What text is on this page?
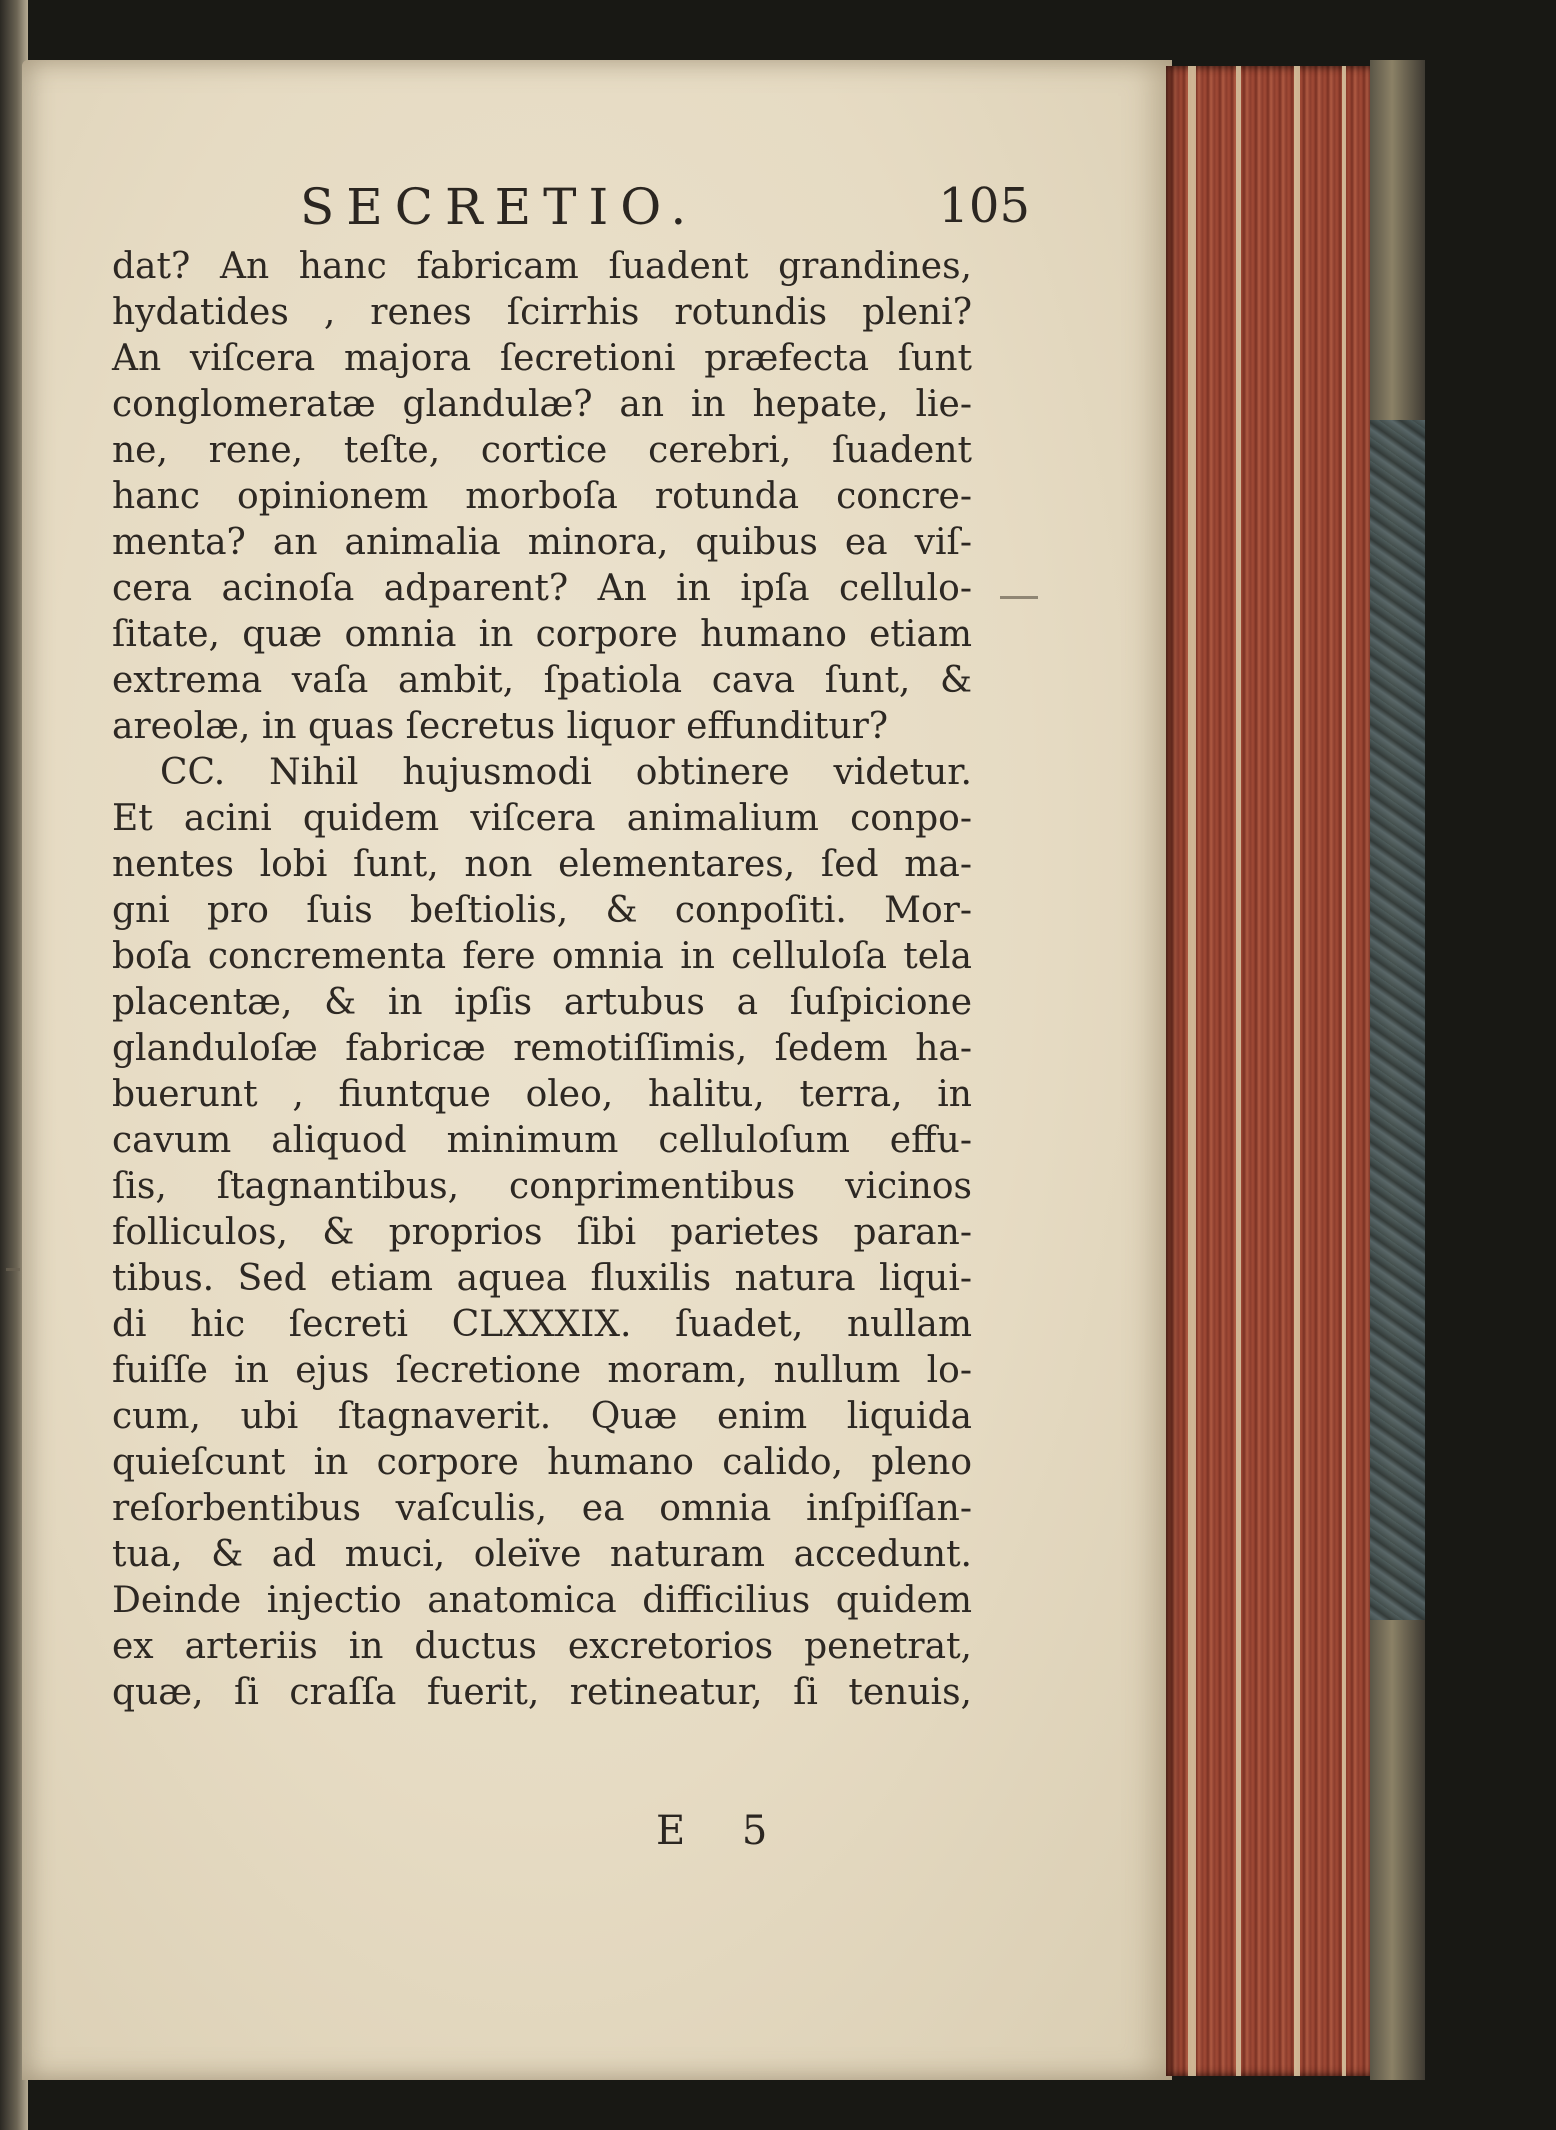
SECRETIO.	105
dat? An hanc fabricam ſuadent grandines,
hydatides , renes ſcirrhis rotundis pleni?
An viſcera majora ſecretioni præfecta ſunt
conglomeratæ glandulæ? an in hepate, lie-
ne, rene, teſte, cortice cerebri, ſuadent
hanc opinionem morboſa rotunda concre-
menta? an animalia minora, quibus ea viſ-
cera acinoſa adparent? An in ipſa cellulo-
ſitate, quæ omnia in corpore humano etiam
extrema vaſa ambit, ſpatiola cava ſunt, &
areolæ, in quas ſecretus liquor effunditur?
CC. Nihil hujusmodi obtinere videtur.
Et acini quidem viſcera animalium conpo-
nentes lobi ſunt, non elementares, ſed ma-
gni pro ſuis beſtiolis, & conpoſiti. Mor-
boſa concrementa fere omnia in celluloſa tela
placentæ, & in ipſis artubus a ſuſpicione
glanduloſæ fabricæ remotiſſimis, ſedem ha-
buerunt , fiuntque oleo, halitu, terra, in
cavum aliquod minimum celluloſum effu-
ſis, ſtagnantibus, conprimentibus vicinos
folliculos, & proprios ſibi parietes paran-
tibus. Sed etiam aquea fluxilis natura liqui-
di hic ſecreti CLXXXIX. ſuadet, nullam
fuiſſe in ejus ſecretione moram, nullum lo-
cum, ubi ſtagnaverit. Quæ enim liquida
quieſcunt in corpore humano calido, pleno
reſorbentibus vaſculis, ea omnia inſpiſſan-
tua, & ad muci, oleïve naturam accedunt.
Deinde injectio anatomica difficilius quidem
ex arteriis in ductus excretorios penetrat,
quæ, ſi craſſa fuerit, retineatur, ſi tenuis,
E 5
